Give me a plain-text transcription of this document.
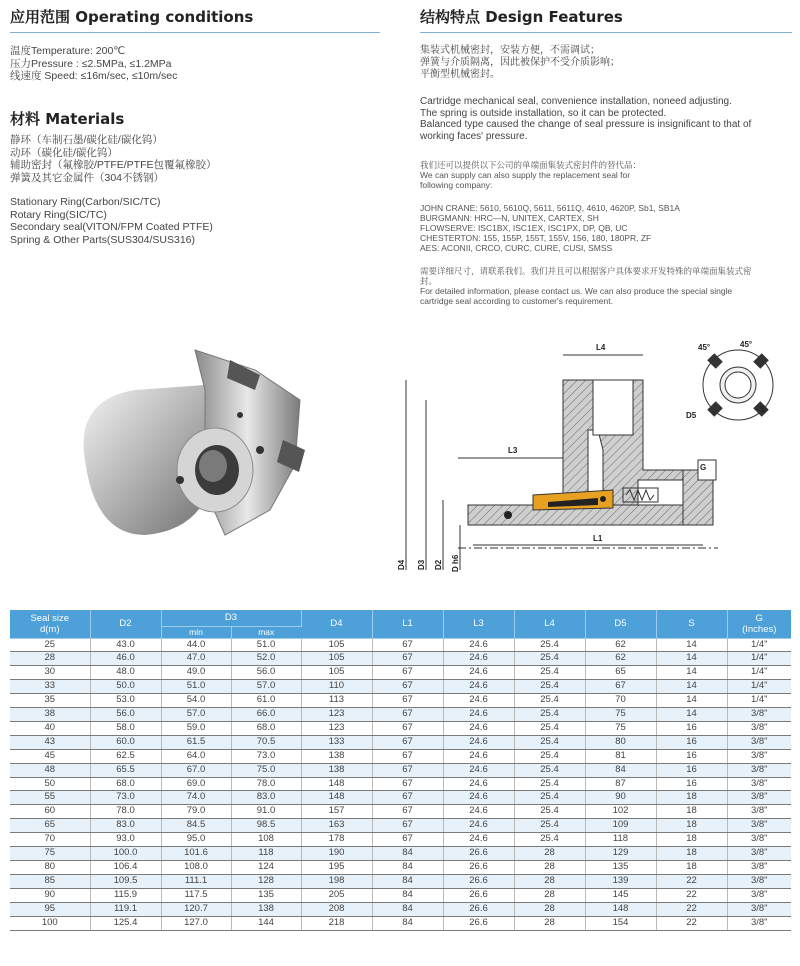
应用范围 Operating conditions
温度Temperature: 200℃
压力Pressure : ≤2.5MPa, ≤1.2MPa
线速度 Speed: ≤16m/sec, ≤10m/sec
材料 Materials
静环（车制石墨/碳化硅/碳化钨）
动环（碳化硅/碳化钨）
辅助密封（氟橡胶/PTFE/PTFE包覆氟橡胶）
弹簧及其它金属件（304不锈钢）
Stationary Ring(Carbon/SIC/TC)
Rotary Ring(SIC/TC)
Secondary seal(VITON/FPM Coated PTFE)
Spring & Other Parts(SUS304/SUS316)
结构特点 Design Features
集装式机械密封，安装方便，不需调试；
弹簧与介质隔离，因此被保护不受介质影响；
平衡型机械密封。
Cartridge mechanical seal, convenience installation, noneed adjusting.
The spring is outside installation, so it can be protected.
Balanced type caused the change of seal pressure is insignificant to that of
working faces' pressure.
我们还可以提供以下公司的单端面集装式密封件的替代品：
We can supply can also supply the replacement seal for
following company:
JOHN CRANE: 5610, 5610Q, 5611, 5611Q, 4610, 4620P, Sb1, SB1A
BURGMANN: HRC—N, UNITEX, CARTEX, SH
FLOWSERVE: ISC1BX, ISC1EX, ISC1PX, DP, QB, UC
CHESTERTON: 155, 155P, 155T, 155V, 156, 180, 180PR, ZF
AES: ACONII, CRCO, CURC, CURE, CUSI, SMSS
需要详细尺寸，请联系我们。我们并且可以根据客户具体要求开发特殊的单端面集装式密
封。
For detailed information, please contact us. We can also produce the special single
cartridge seal according to customer's requirement.
L4
L3
L1
D4 D3 D2 D h6
45°	45°
D5
S
G
Seal size
d(m)	D2	D3		D4	L1	L3	L4	D5	S	G
(Inches)
		min	max							
25	43.0	44.0	51.0	105	67	24.6	25.4	62	14	1/4"
28	46.0	47.0	52.0	105	67	24.6	25.4	62	14	1/4"
30	48.0	49.0	56.0	105	67	24.6	25.4	65	14	1/4"
33	50.0	51.0	57.0	110	67	24.6	25.4	67	14	1/4"
35	53.0	54.0	61.0	113	67	24.6	25.4	70	14	1/4"
38	56.0	57.0	66.0	123	67	24.6	25.4	75	14	3/8"
40	58.0	59.0	68.0	123	67	24.6	25.4	75	16	3/8"
43	60.0	61.5	70.5	133	67	24.6	25.4	80	16	3/8"
45	62.5	64.0	73.0	138	67	24.6	25.4	81	16	3/8"
48	65.5	67.0	75.0	138	67	24.6	25.4	84	16	3/8"
50	68.0	69.0	78.0	148	67	24.6	25.4	87	16	3/8"
55	73.0	74.0	83.0	148	67	24.6	25.4	90	18	3/8"
60	78.0	79.0	91.0	157	67	24.6	25.4	102	18	3/8"
65	83.0	84.5	98.5	163	67	24.6	25.4	109	18	3/8"
70	93.0	95.0	108	178	67	24.6	25.4	118	18	3/8"
75	100.0	101.6	118	190	84	26.6	28	129	18	3/8"
80	106.4	108.0	124	195	84	26.6	28	135	18	3/8"
85	109.5	111.1	128	198	84	26.6	28	139	22	3/8"
90	115.9	117.5	135	205	84	26.6	28	145	22	3/8"
95	119.1	120.7	138	208	84	26.6	28	148	22	3/8"
100	125.4	127.0	144	218	84	26.6	28	154	22	3/8"
